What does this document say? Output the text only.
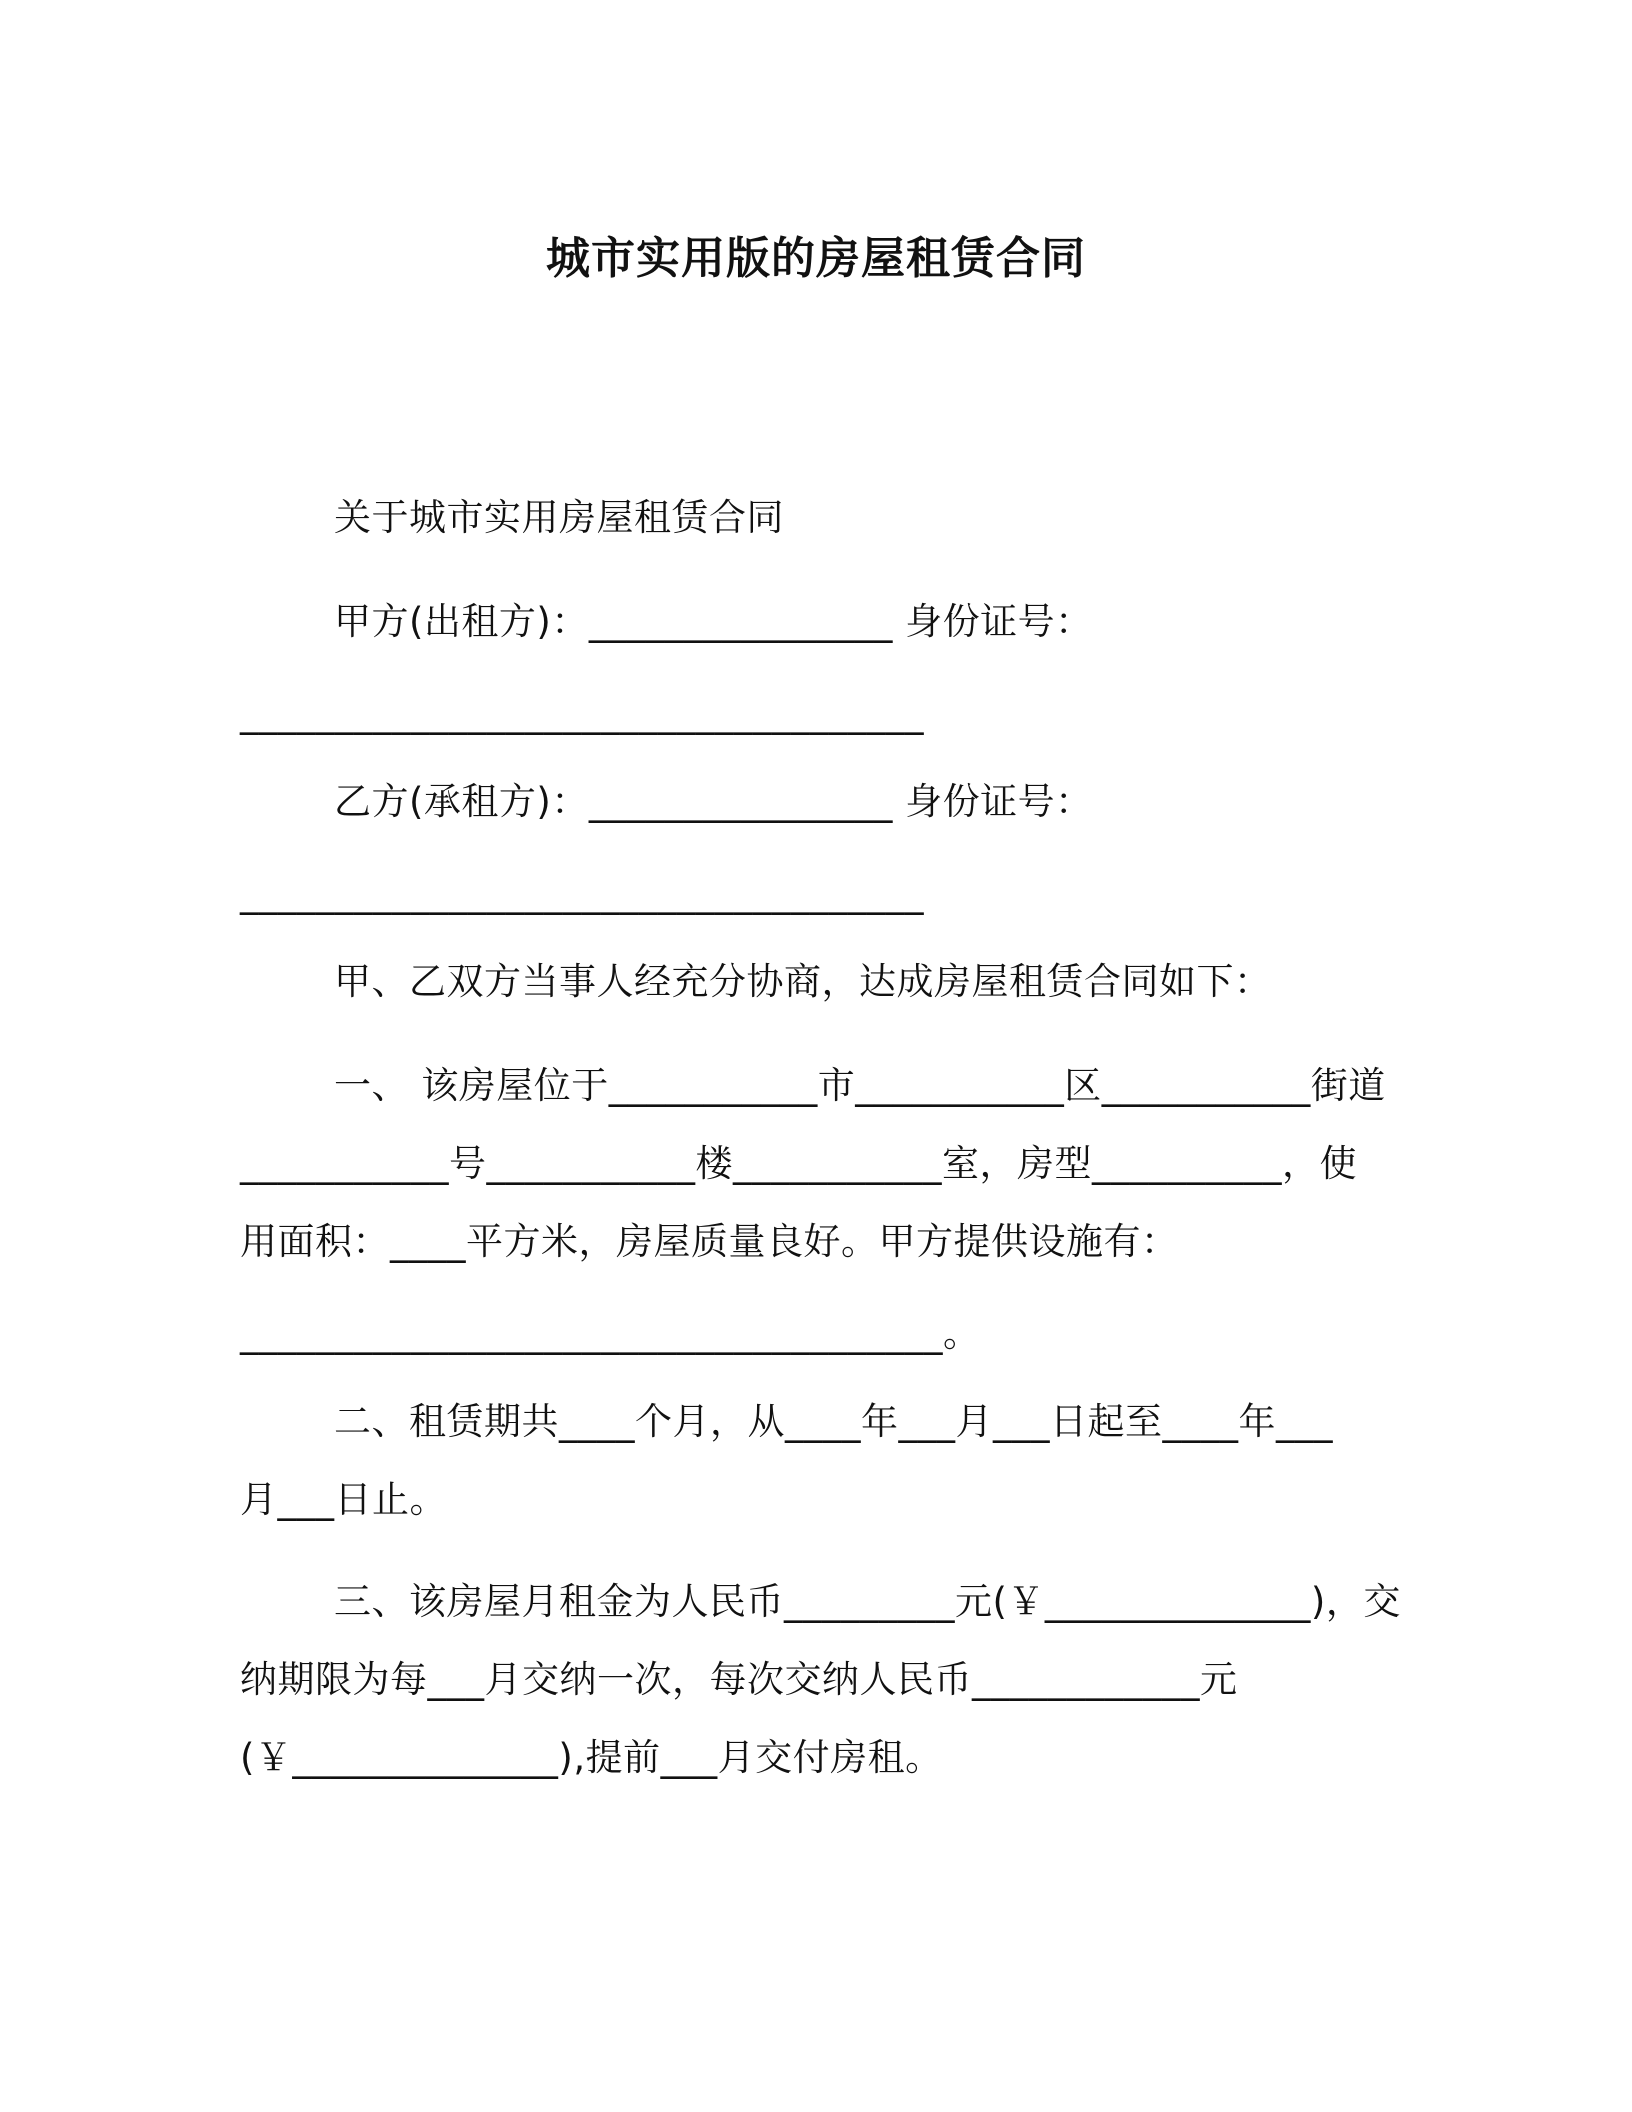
城市实用版的房屋租赁合同
关于城市实用房屋租赁合同
甲方(出租方)：________________ 身份证号：
____________________________________
乙方(承租方)：________________ 身份证号：
____________________________________
甲、乙双方当事人经充分协商，达成房屋租赁合同如下：
一、 该房屋位于___________市___________区___________街道
___________号___________楼___________室，房型__________，使
用面积：____平方米，房屋质量良好。甲方提供设施有：
_____________________________________。
二、租赁期共____个月，从____年___月___日起至____年___
月___日止。
三、该房屋月租金为人民币_________元(￥______________)，交
纳期限为每___月交纳一次，每次交纳人民币____________元
(￥______________),提前___月交付房租。
